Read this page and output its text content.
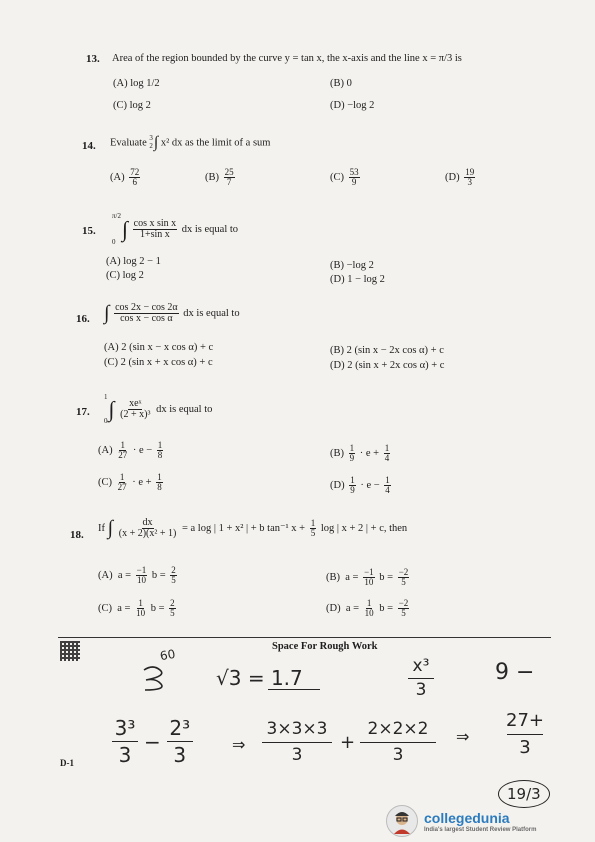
13. Area of the region bounded by the curve y = tan x, the x-axis and the line x = π/3 is
(A) log 1/2	(B) 0
(C) log 2	(D) −log 2
14. Evaluate 3
2 ∫ x² dx as the limit of a sum
$(A) \frac{72}{6}$	$(B) \frac{25}{7}$	$(C) \frac{53}{9}$	$(D) \frac{19}{3}$
15.
π/2
0 ∫ $\frac{\text{cos x sin x}}{\text{1+sin x}}$ dx is equal to
(A) log 2 − 1	(B) −log 2
(C) log 2	(D) 1 − log 2
16. ∫ $\frac{\cos 2x - \cos 2\alpha}{\text{cos x − cos α}}$ dx is equal to
(A) 2 (sin x − x cos α) + c	(B) 2 (sin x − 2x cos α) + c
(C) 2 (sin x + x cos α) + c	(D) 2 (sin x + 2x cos α) + c
17.
1
0 ∫ $\frac{\text{xeˣ}}{\text{(2 + x)³}}$ dx is equal to
$(A) \frac{1}{27} \cdot e - \frac{1}{8}$	$(B) \frac{1}{9} \cdot e + \frac{1}{4}$
$(C) \frac{1}{27} \cdot e + \frac{1}{8}$	$(D) \frac{1}{9} \cdot e - \frac{1}{4}$
18.
If ∫ $\frac{dx}{\text{(x + 2)(x² + 1)}} = a$ log | 1 + x² | + b tan⁻¹ $x + \frac{1}{5}$ log | x + 2 | + c, then
(A) $a = \frac{-1}{10}$ $b = \frac{2}{5}$	(B) $a = \frac{-1}{10}$ $b = \frac{-2}{5}$
(C) $a = \frac{1}{10}$ $b = \frac{2}{5}$	(D) $a = \frac{1}{10}$ $b = \frac{-2}{5}$
Space For Rough Work
60
√3 = 1.7	x³
3
9 −
3³
3
−
2³
3	⇒
3×3×3
3
+
2×2×2
3
⇒
27+
3
19/3
D-1
collegedunia
India's largest Student Review Platform
